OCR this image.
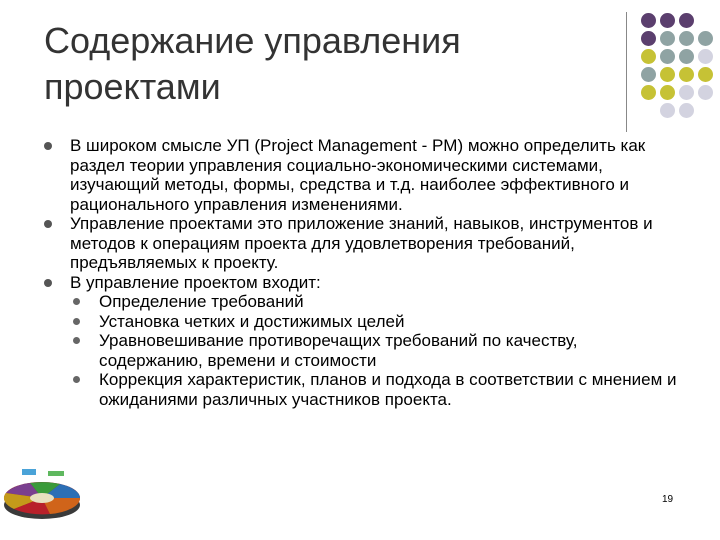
Содержание управления проектами

В широком смысле УП (Project Management - PM) можно определить как раздел теории управления социально-экономическими системами, изучающий методы, формы, средства и т.д. наиболее эффективного и рационального управления изменениями.

Управление проектами это приложение знаний, навыков, инструментов и методов к операциям проекта для удовлетворения требований, предъявляемых к проекту.

В управление проектом входит:

Определение требований

Установка четких и достижимых целей

Уравновешивание противоречащих требований по качеству, содержанию, времени и стоимости

Коррекция характеристик, планов и подхода в соответствии с мнением и ожиданиями различных участников проекта.

19
